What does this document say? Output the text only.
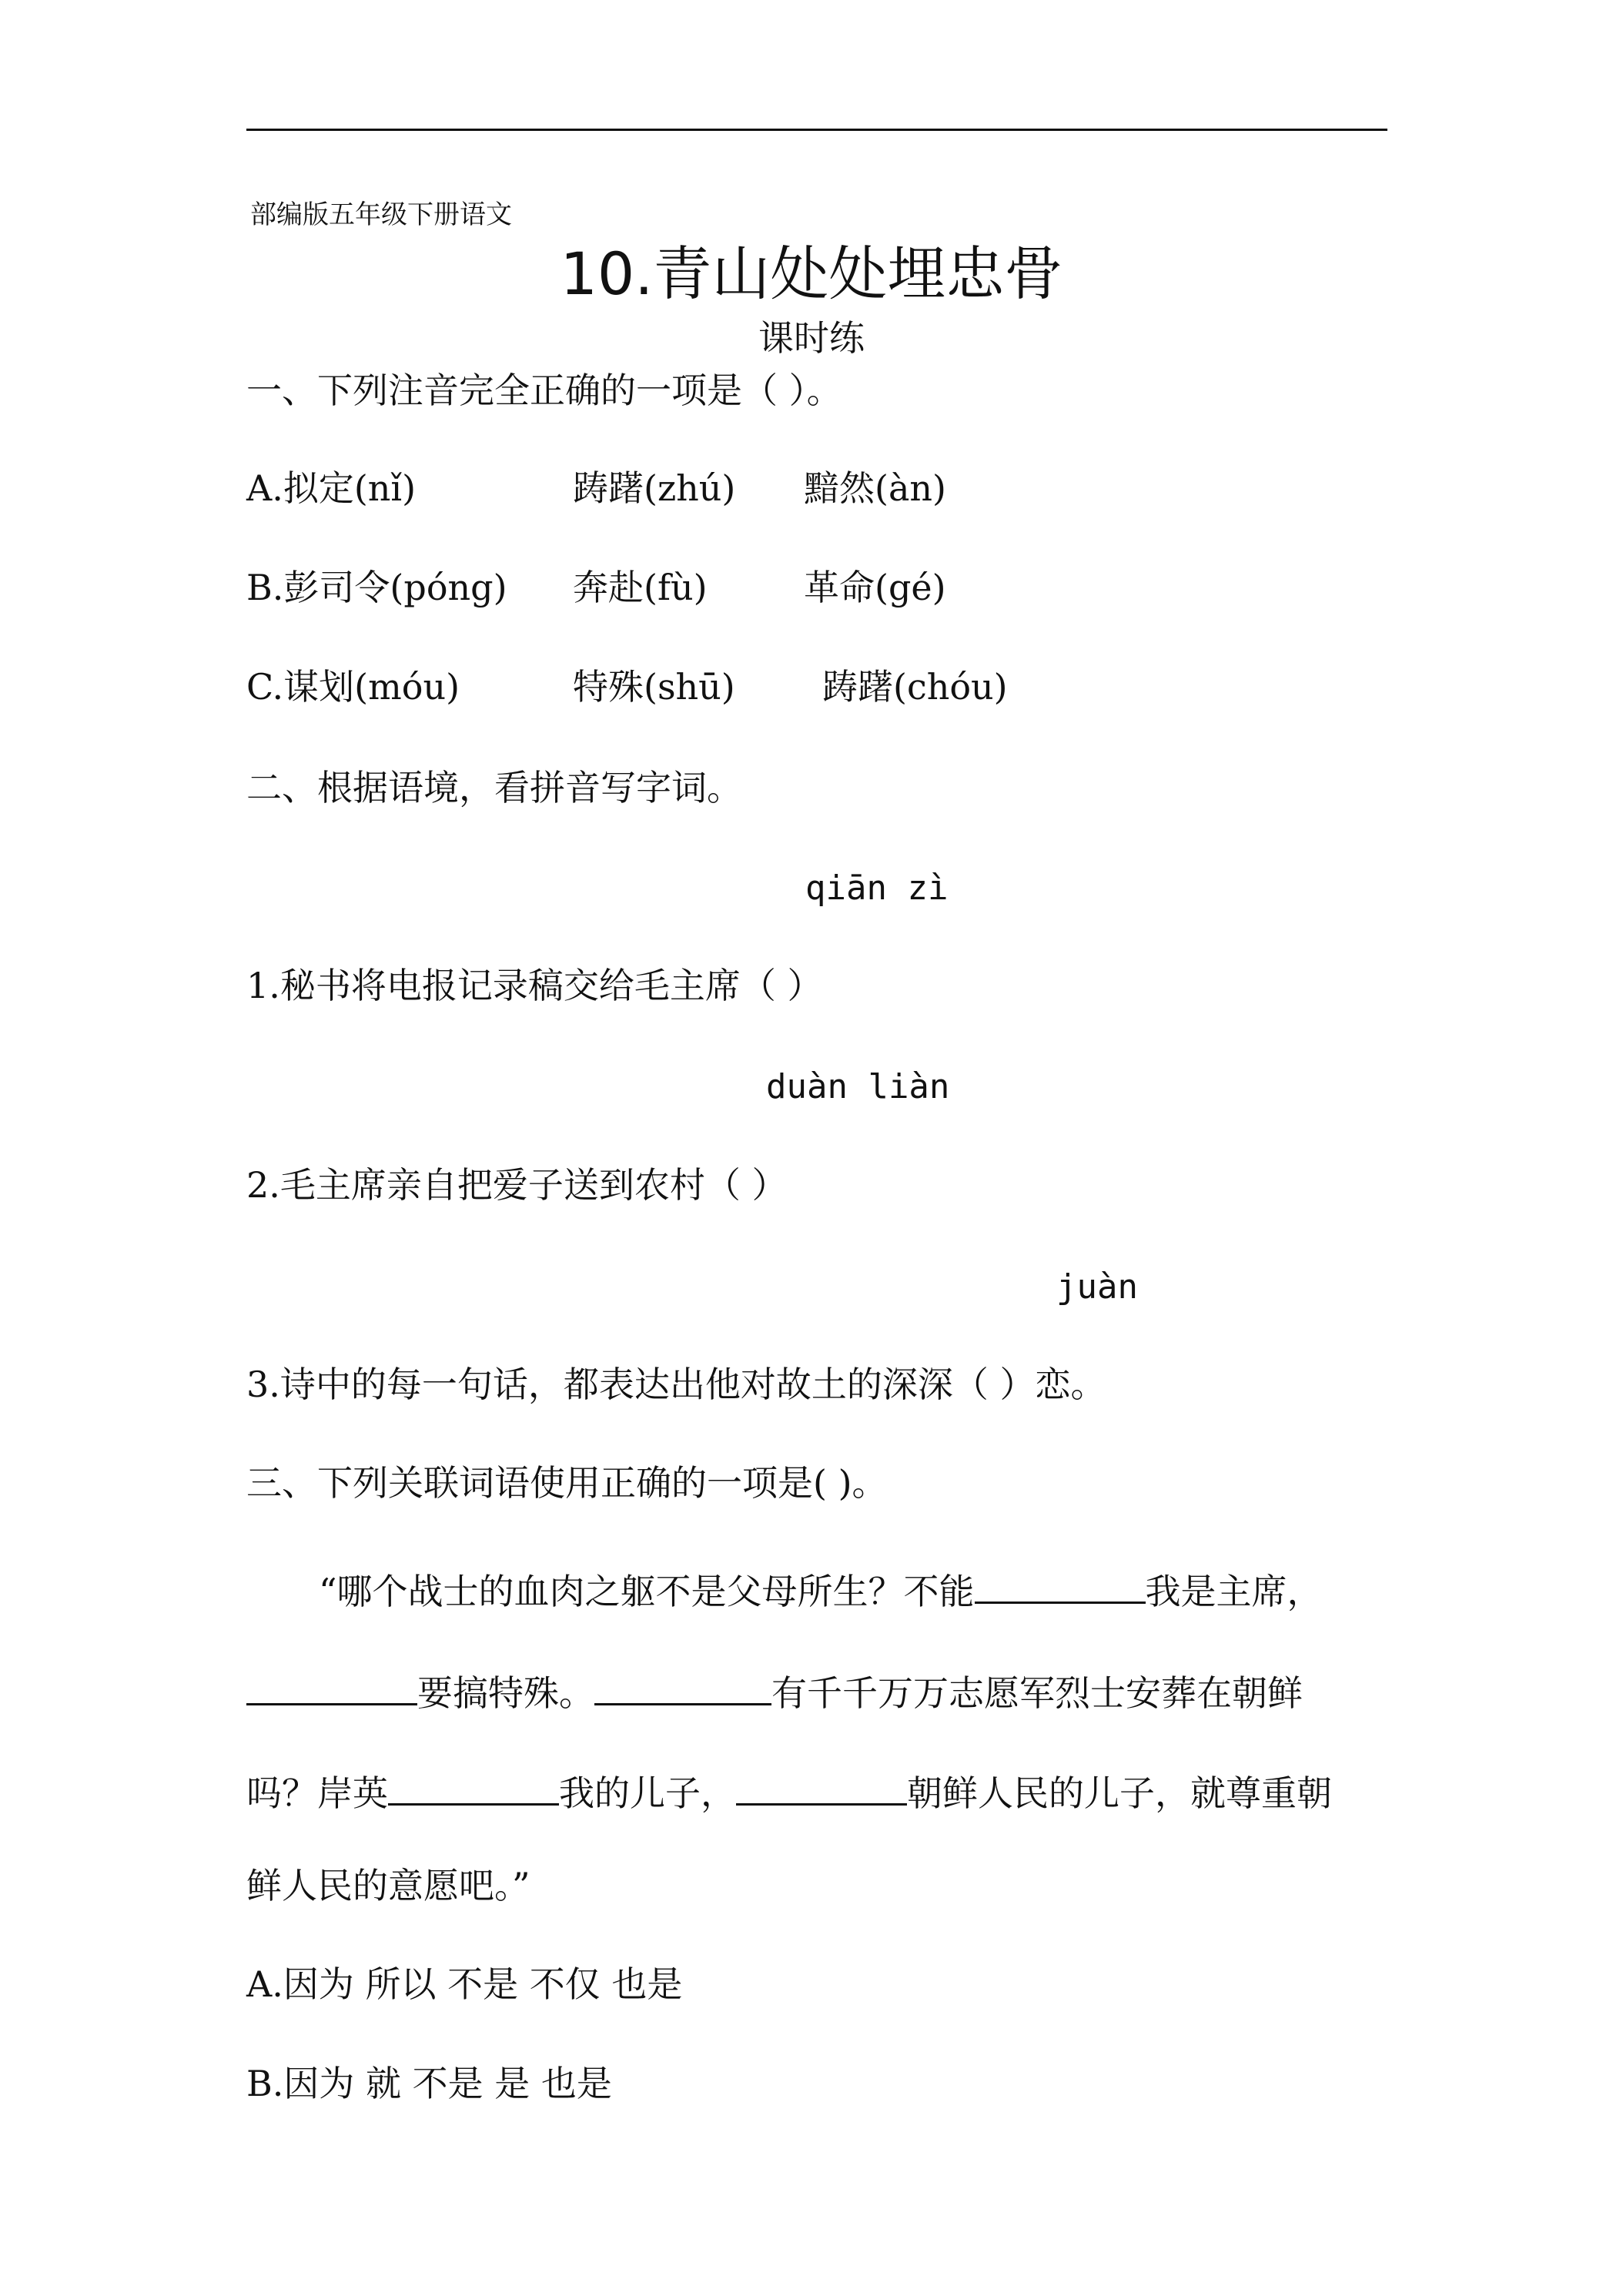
部编版五年级下册语文
10.青山处处埋忠骨
课时练
一、下列注音完全正确的一项是（ ）。
A.拟定(nǐ)	踌躇(zhú) 黯然(àn)
B.彭司令(póng) 奔赴(fù)	革命(gé)
C.谋划(móu)	特殊(shū) 踌躇(chóu)
二、根据语境，看拼音写字词。
qiān zì
1.秘书将电报记录稿交给毛主席（ ）
duàn liàn
2.毛主席亲自把爱子送到农村（ ）
juàn
3.诗中的每一句话，都表达出他对故土的深深（ ）恋。
三、下列关联词语使用正确的一项是( )。
“哪个战士的血肉之躯不是父母所生？不能	我是主席，
要搞特殊。	有千千万万志愿军烈士安葬在朝鲜
吗？岸英	我的儿子，	朝鲜人民的儿子，就尊重朝
鲜人民的意愿吧。”
A.因为 所以 不是 不仅 也是
B.因为 就 不是 是 也是
